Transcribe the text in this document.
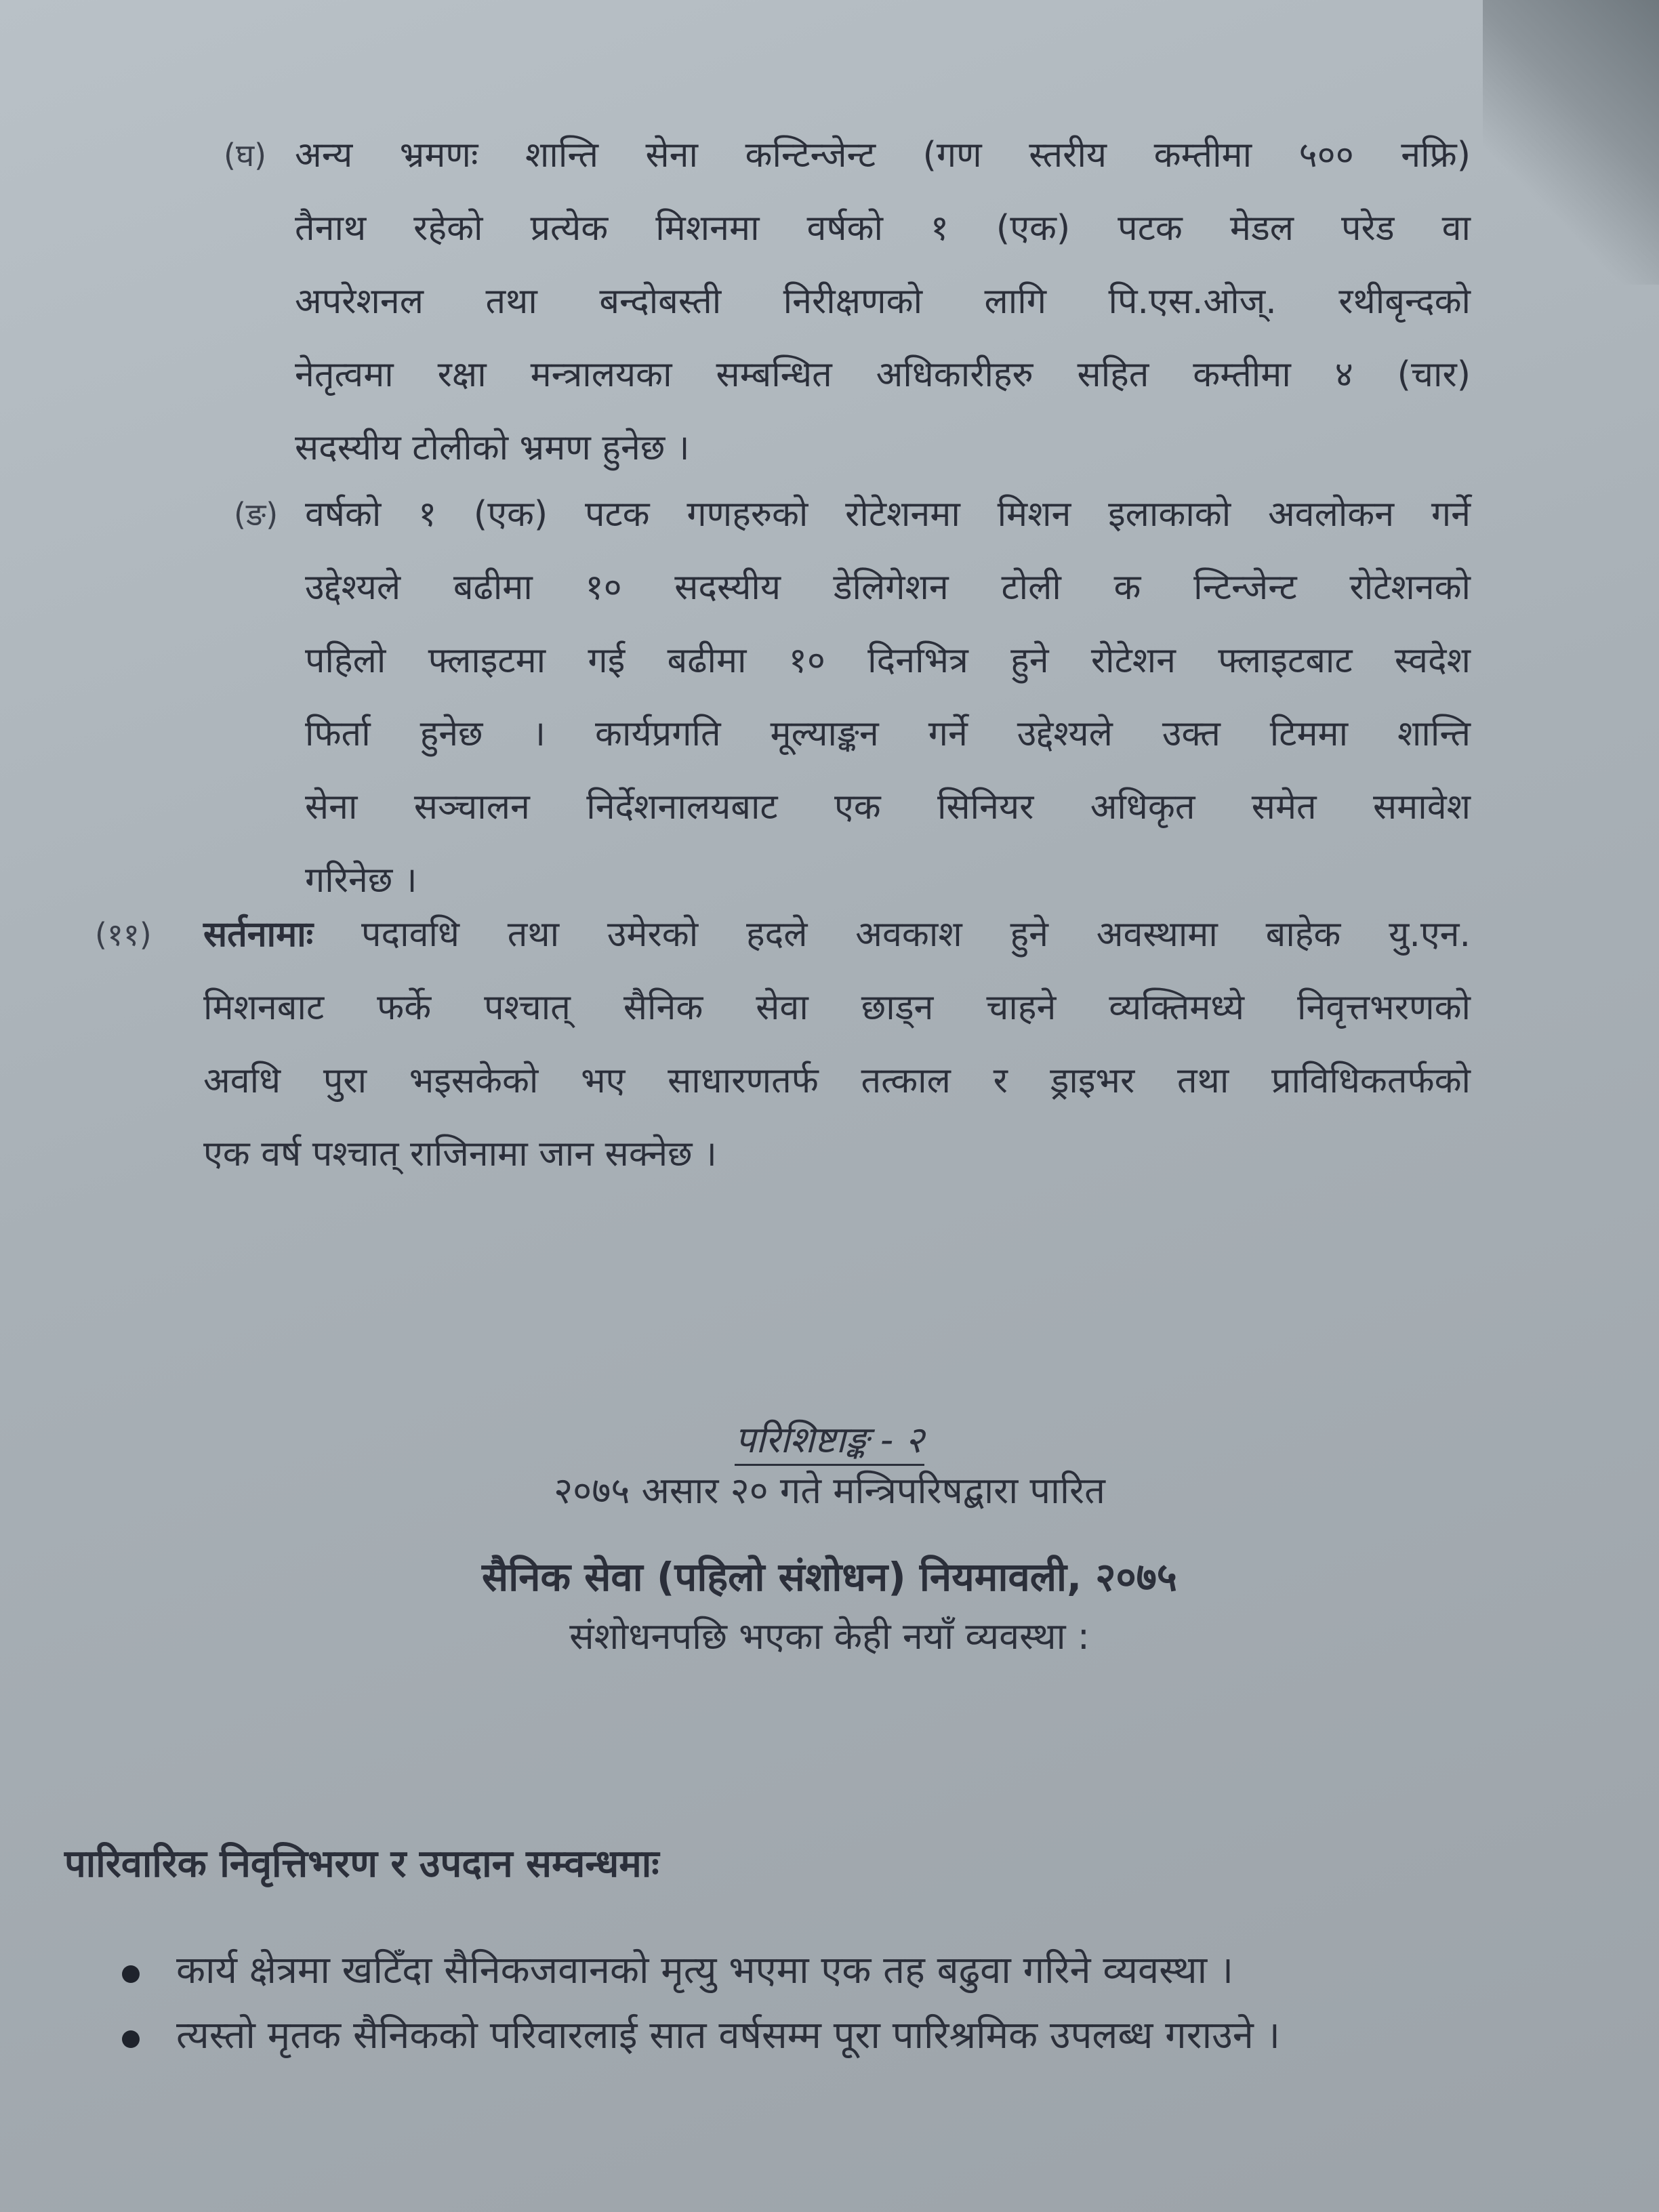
(घ) अन्य भ्रमणः शान्ति सेना कन्टिन्जेन्ट (गण स्तरीय कम्तीमा ५०० नफ्रि)
तैनाथ रहेको प्रत्येक मिशनमा वर्षको १ (एक) पटक मेडल परेड वा
अपरेशनल तथा बन्दोबस्ती निरीक्षणको लागि पि.एस.ओज्. रथीबृन्दको
नेतृत्वमा रक्षा मन्त्रालयका सम्बन्धित अधिकारीहरु सहित कम्तीमा ४ (चार)
सदस्यीय टोलीको भ्रमण हुनेछ ।
(ङ) वर्षको १ (एक) पटक गणहरुको रोटेशनमा मिशन इलाकाको अवलोकन गर्ने
उद्देश्यले बढीमा १० सदस्यीय डेलिगेशन टोली क न्टिन्जेन्ट रोटेशनको
पहिलो फ्लाइटमा गई बढीमा १० दिनभित्र हुने रोटेशन फ्लाइटबाट स्वदेश
फिर्ता हुनेछ । कार्यप्रगति मूल्याङ्कन गर्ने उद्देश्यले उक्त टिममा शान्ति
सेना सञ्चालन निर्देशनालयबाट एक सिनियर अधिकृत समेत समावेश
गरिनेछ ।
(११) सर्तनामाः पदावधि तथा उमेरको हदले अवकाश हुने अवस्थामा बाहेक यु.एन.
मिशनबाट फर्के पश्चात् सैनिक सेवा छाड्न चाहने व्यक्तिमध्ये निवृत्तभरणको
अवधि पुरा भइसकेको भए साधारणतर्फ तत्काल र ड्राइभर तथा प्राविधिकतर्फको
एक वर्ष पश्चात् राजिनामा जान सक्नेछ ।
परिशिष्टाङ्क - २
२०७५ असार २० गते मन्त्रिपरिषद्बारा पारित
सैनिक सेवा (पहिलो संशोधन) नियमावली, २०७५
संशोधनपछि भएका केही नयाँ व्यवस्था :
पारिवारिक निवृत्तिभरण र उपदान सम्वन्धमाः
कार्य क्षेत्रमा खटिँदा सैनिकजवानको मृत्यु भएमा एक तह बढुवा गरिने व्यवस्था ।
त्यस्तो मृतक सैनिकको परिवारलाई सात वर्षसम्म पूरा पारिश्रमिक उपलब्ध गराउने ।
